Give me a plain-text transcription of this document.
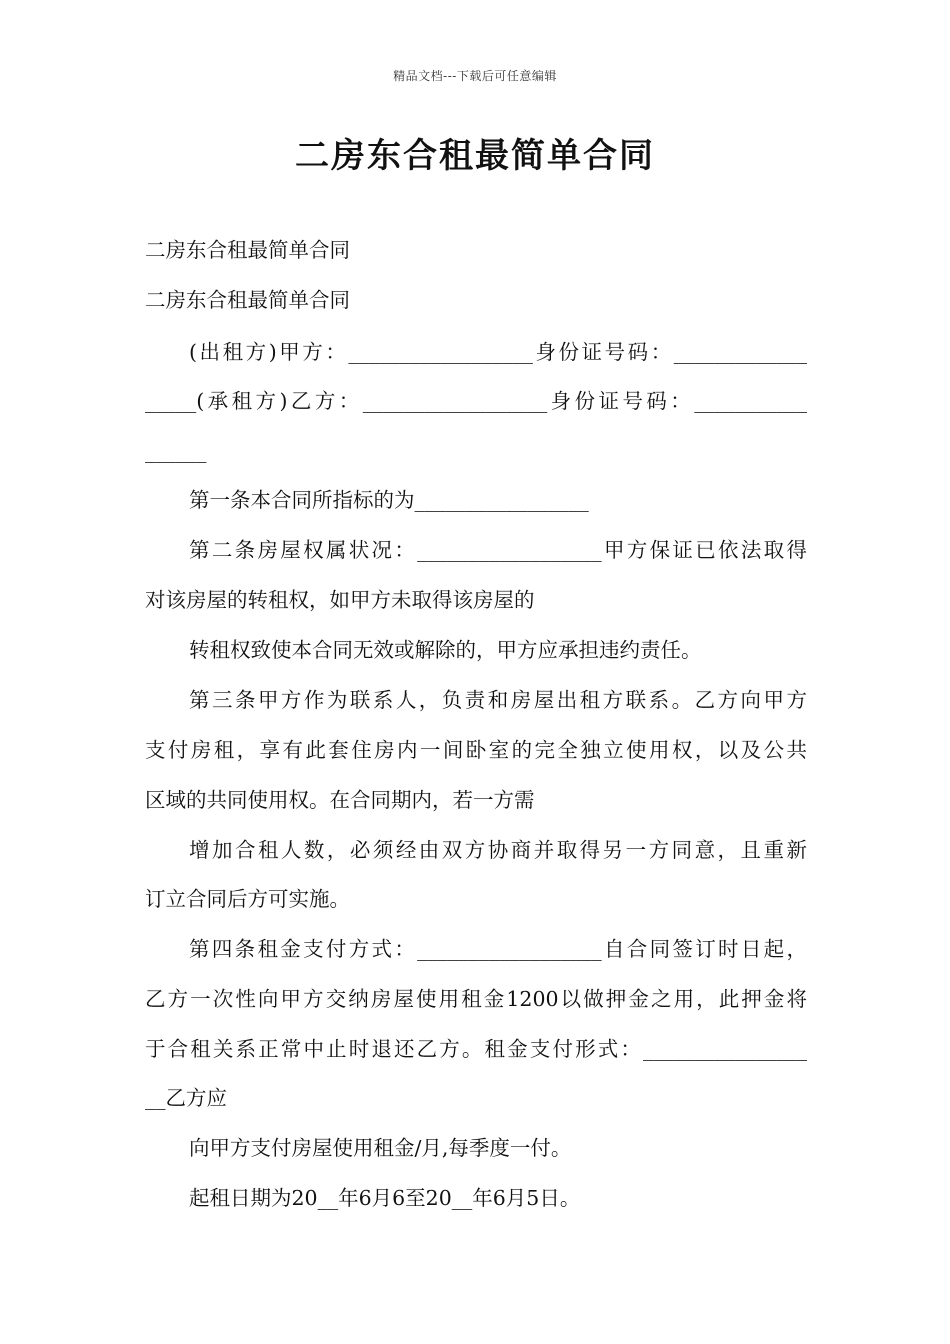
精品文档---下载后可任意编辑
二房东合租最简单合同
二房东合租最简单合同
二房东合租最简单合同
(出租方)甲方：__________________身份证号码：_____________
_____(承租方)乙方：__________________身份证号码：___________
______
第一条本合同所指标的为_________________
第二条房屋权属状况：__________________甲方保证已依法取得
对该房屋的转租权，如甲方未取得该房屋的
转租权致使本合同无效或解除的，甲方应承担违约责任。
第三条甲方作为联系人，负责和房屋出租方联系。乙方向甲方
支付房租，享有此套住房内一间卧室的完全独立使用权，以及公共
区域的共同使用权。在合同期内，若一方需
增加合租人数，必须经由双方协商并取得另一方同意，且重新
订立合同后方可实施。
第四条租金支付方式：__________________自合同签订时日起，
乙方一次性向甲方交纳房屋使用租金1200以做押金之用，此押金将
于合租关系正常中止时退还乙方。租金支付形式：________________
__乙方应
向甲方支付房屋使用租金/月,每季度一付。
起租日期为20__年6月6至20__年6月5日。
